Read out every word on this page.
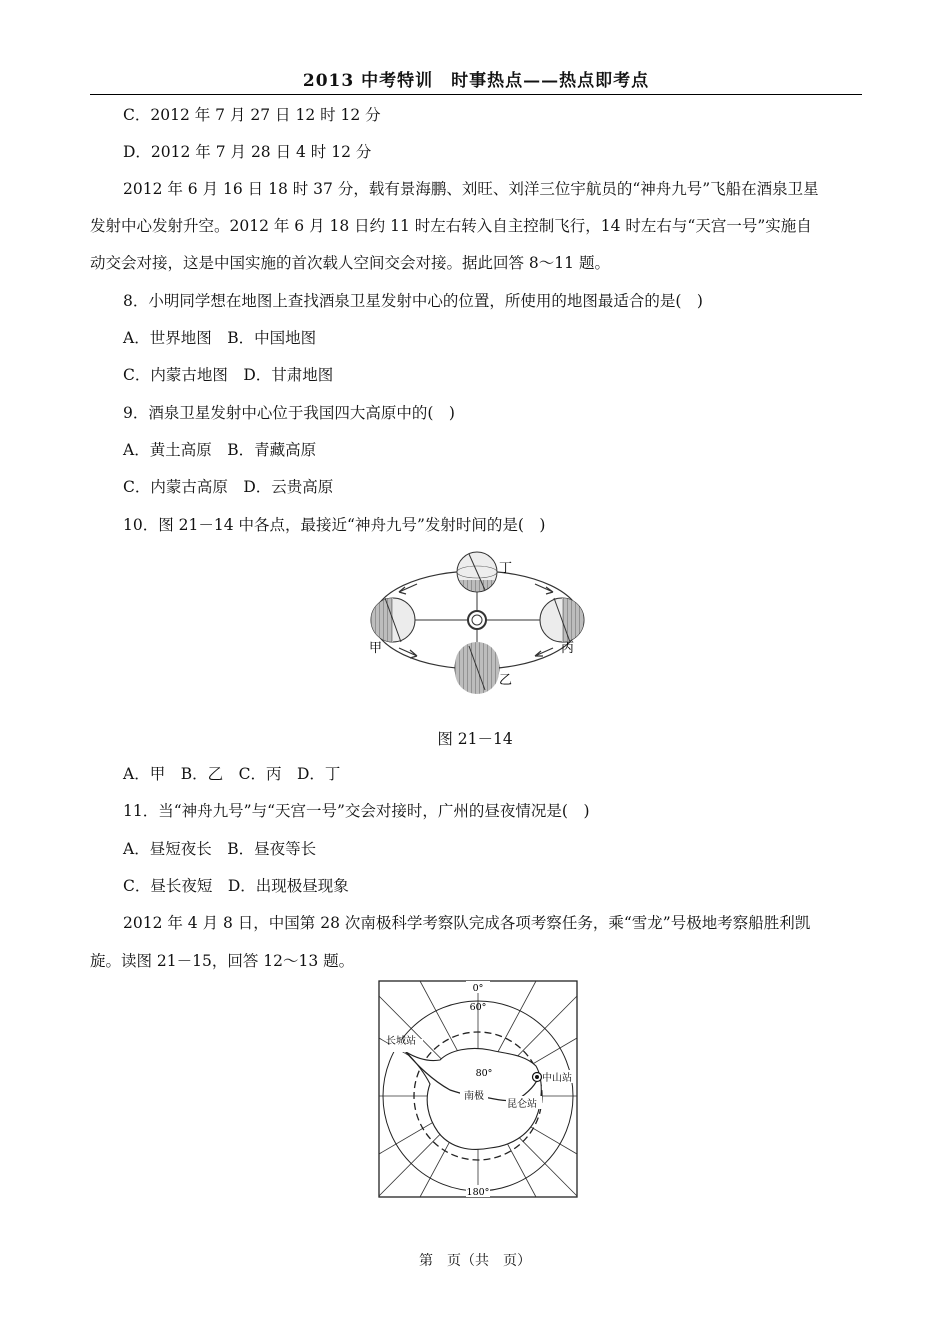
2013 中考特训　时事热点——热点即考点
C．2012 年 7 月 27 日 12 时 12 分
D．2012 年 7 月 28 日 4 时 12 分
2012 年 6 月 16 日 18 时 37 分，载有景海鹏、刘旺、刘洋三位宇航员的“神舟九号”飞船在酒泉卫星
发射中心发射升空。2012 年 6 月 18 日约 11 时左右转入自主控制飞行，14 时左右与“天宫一号”实施自
动交会对接，这是中国实施的首次载人空间交会对接。据此回答 8～11 题。
8．小明同学想在地图上查找酒泉卫星发射中心的位置，所使用的地图最适合的是(　)
A．世界地图　B．中国地图
C．内蒙古地图　D．甘肃地图
9．酒泉卫星发射中心位于我国四大高原中的(　)
A．黄土高原　B．青藏高原
C．内蒙古高原　D．云贵高原
10．图 21－14 中各点，最接近“神舟九号”发射时间的是(　)
甲
乙
丙
丁
图 21－14
A．甲　B．乙　C．丙　D．丁
11．当“神舟九号”与“天宫一号”交会对接时，广州的昼夜情况是(　)
A．昼短夜长　B．昼夜等长
C．昼长夜短　D．出现极昼现象
2012 年 4 月 8 日，中国第 28 次南极科学考察队完成各项考察任务，乘“雪龙”号极地考察船胜利凯
旋。读图 21－15，回答 12～13 题。
0°
180°
60°
80°
南极
长城站
中山站
昆仑站
第　页（共　页）
